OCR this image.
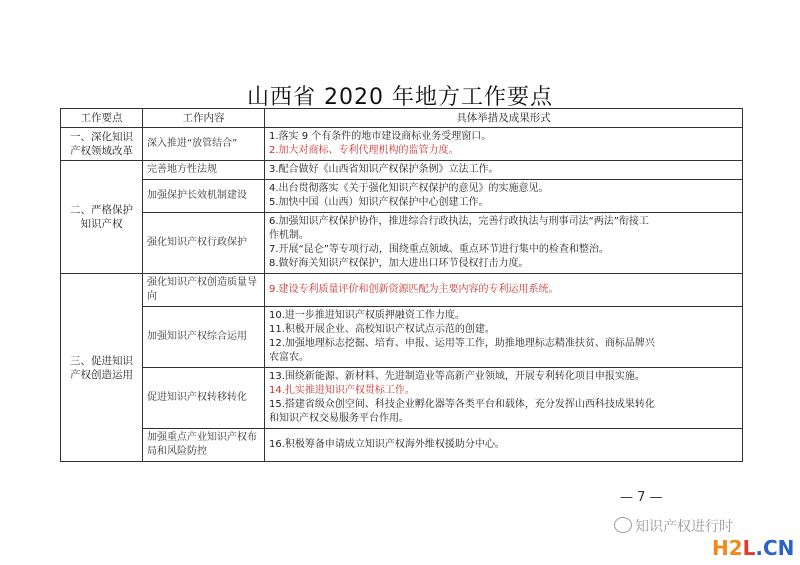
山西省 2020 年地方工作要点
工作要点	工作内容	具体举措及成果形式
一、深化知识产权领域改革	深入推进“放管结合”	1.落实 9 个有条件的地市建设商标业务受理窗口。
2.加大对商标、专利代理机构的监管力度。

二、严格保护知识产权	完善地方性法规	3.配合做好《山西省知识产权保护条例》立法工作。

	加强保护长效机制建设	4.出台贯彻落实《关于强化知识产权保护的意见》的实施意见。
5.加快中国（山西）知识产权保护中心创建工作。

	强化知识产权行政保护	6.加强知识产权保护协作，推进综合行政执法，完善行政执法与刑事司法“两法”衔接工
作机制。
7.开展“昆仑”等专项行动，围绕重点领域、重点环节进行集中的检查和整治。
8.做好海关知识产权保护，加大进出口环节侵权打击力度。

三、促进知识产权创造运用	强化知识产权创造质量导向	9.建设专利质量评价和创新资源匹配为主要内容的专利运用系统。

	加强知识产权综合运用	10.进一步推进知识产权质押融资工作力度。
11.积极开展企业、高校知识产权试点示范的创建。
12.加强地理标志挖掘、培育、申报、运用等工作，助推地理标志精准扶贫、商标品牌兴
农富农。

	促进知识产权转移转化	13.围绕新能源、新材料、先进制造业等高新产业领域，开展专利转化项目申报实施。
14.扎实推进知识产权贯标工作。
15.搭建省级众创空间、科技企业孵化器等各类平台和载体，充分发挥山西科技成果转化
和知识产权交易服务平台作用。

	加强重点产业知识产权布局和风险防控	16.积极筹备申请成立知识产权海外维权援助分中心。
— 7 —
知识产权进行时
H2L.CN
